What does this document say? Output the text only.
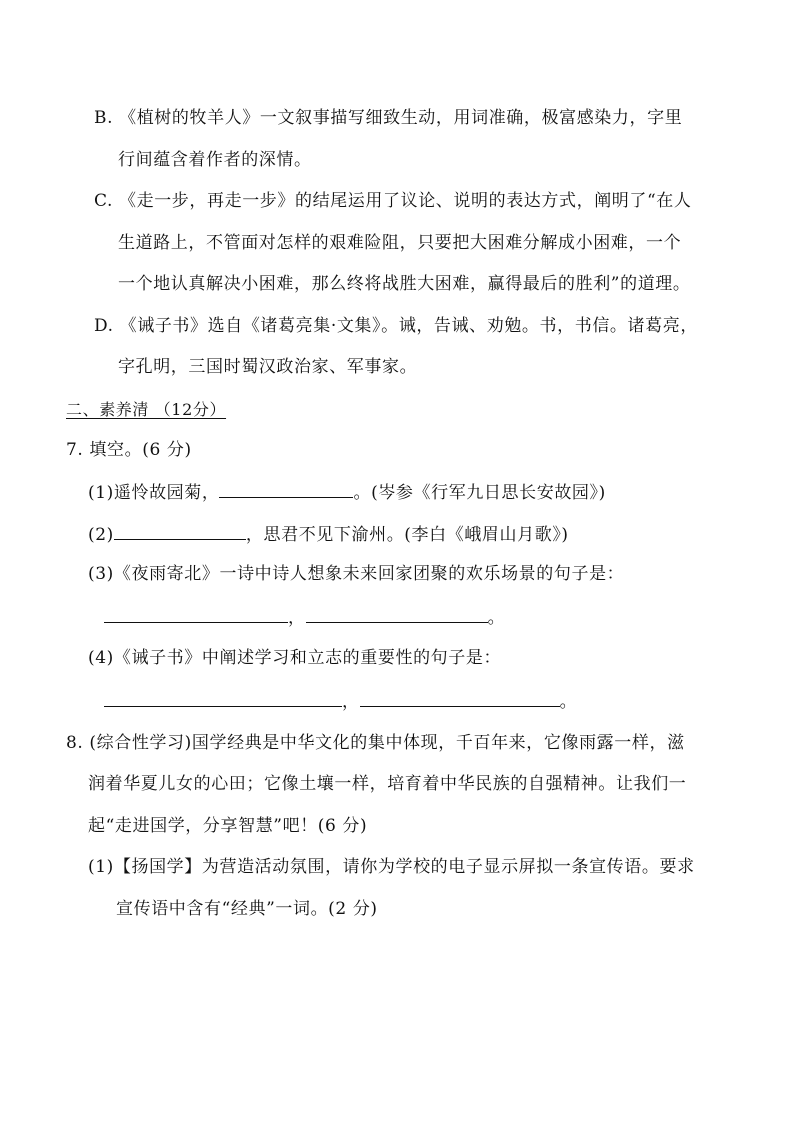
B. 《植树的牧羊人》一文叙事描写细致生动，用词准确，极富感染力，字里
行间蕴含着作者的深情。
C. 《走一步，再走一步》的结尾运用了议论、说明的表达方式，阐明了“在人
生道路上，不管面对怎样的艰难险阻，只要把大困难分解成小困难，一个
一个地认真解决小困难，那么终将战胜大困难，赢得最后的胜利”的道理。
D. 《诫子书》选自《诸葛亮集·文集》。诫，告诫、劝勉。书，书信。诸葛亮，
字孔明，三国时蜀汉政治家、军事家。
二、素养清 （12分）
7. 填空。(6 分)
(1)遥怜故园菊，	。(岑参《行军九日思长安故园》)
(2)	，思君不见下渝州。(李白《峨眉山月歌》)
(3)《夜雨寄北》一诗中诗人想象未来回家团聚的欢乐场景的句子是：
，	。
(4)《诫子书》中阐述学习和立志的重要性的句子是：
，	。
8. (综合性学习)国学经典是中华文化的集中体现，千百年来，它像雨露一样，滋
润着华夏儿女的心田；它像土壤一样，培育着中华民族的自强精神。让我们一
起“走进国学，分享智慧”吧！(6 分)
(1)【扬国学】为营造活动氛围，请你为学校的电子显示屏拟一条宣传语。要求
宣传语中含有“经典”一词。(2 分)
